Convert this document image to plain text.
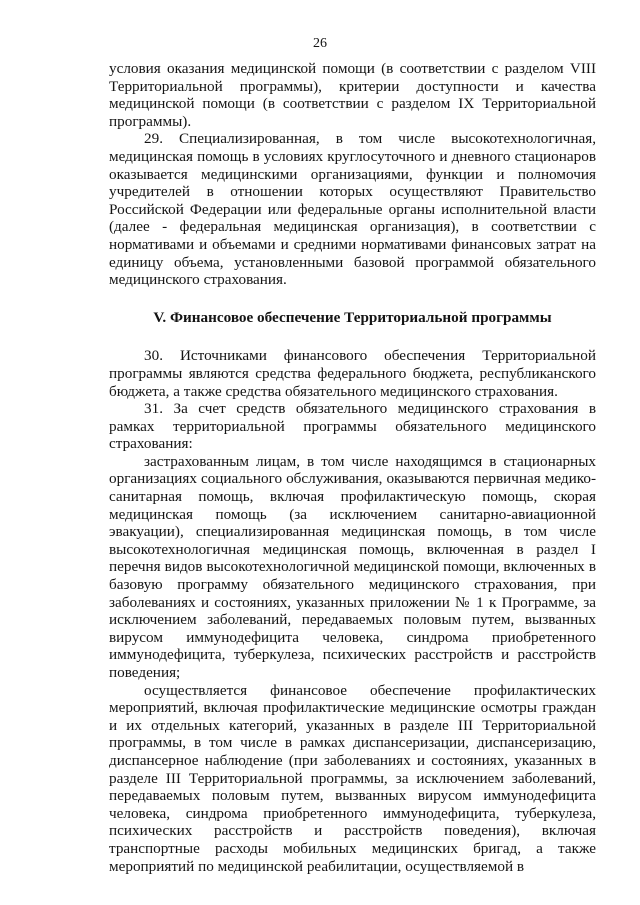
26

условия оказания медицинской помощи (в соответствии с разделом VIII Территориальной программы), критерии доступности и качества медицинской помощи (в соответствии с разделом IX Территориальной программы).

29. Специализированная, в том числе высокотехнологичная, медицинская помощь в условиях круглосуточного и дневного стационаров оказывается медицинскими организациями, функции и полномочия учредителей в отношении которых осуществляют Правительство Российской Федерации или федеральные органы исполнительной власти (далее - федеральная медицинская организация), в соответствии с нормативами и объемами и средними нормативами финансовых затрат на единицу объема, установленными базовой программой обязательного медицинского страхования.

V. Финансовое обеспечение Территориальной программы

30. Источниками финансового обеспечения Территориальной программы являются средства федерального бюджета, республиканского бюджета, а также средства обязательного медицинского страхования.

31. За счет средств обязательного медицинского страхования в рамках территориальной программы обязательного медицинского страхования:

застрахованным лицам, в том числе находящимся в стационарных организациях социального обслуживания, оказываются первичная медико-санитарная помощь, включая профилактическую помощь, скорая медицинская помощь (за исключением санитарно-авиационной эвакуации), специализированная медицинская помощь, в том числе высокотехнологичная медицинская помощь, включенная в раздел I перечня видов высокотехнологичной медицинской помощи, включенных в базовую программу обязательного медицинского страхования, при заболеваниях и состояниях, указанных приложении № 1 к Программе, за исключением заболеваний, передаваемых половым путем, вызванных вирусом иммунодефицита человека, синдрома приобретенного иммунодефицита, туберкулеза, психических расстройств и расстройств поведения;

осуществляется финансовое обеспечение профилактических мероприятий, включая профилактические медицинские осмотры граждан и их отдельных категорий, указанных в разделе III Территориальной программы, в том числе в рамках диспансеризации, диспансеризацию, диспансерное наблюдение (при заболеваниях и состояниях, указанных в разделе III Территориальной программы, за исключением заболеваний, передаваемых половым путем, вызванных вирусом иммунодефицита человека, синдрома приобретенного иммунодефицита, туберкулеза, психических расстройств и расстройств поведения), включая транспортные расходы мобильных медицинских бригад, а также мероприятий по медицинской реабилитации, осуществляемой в
